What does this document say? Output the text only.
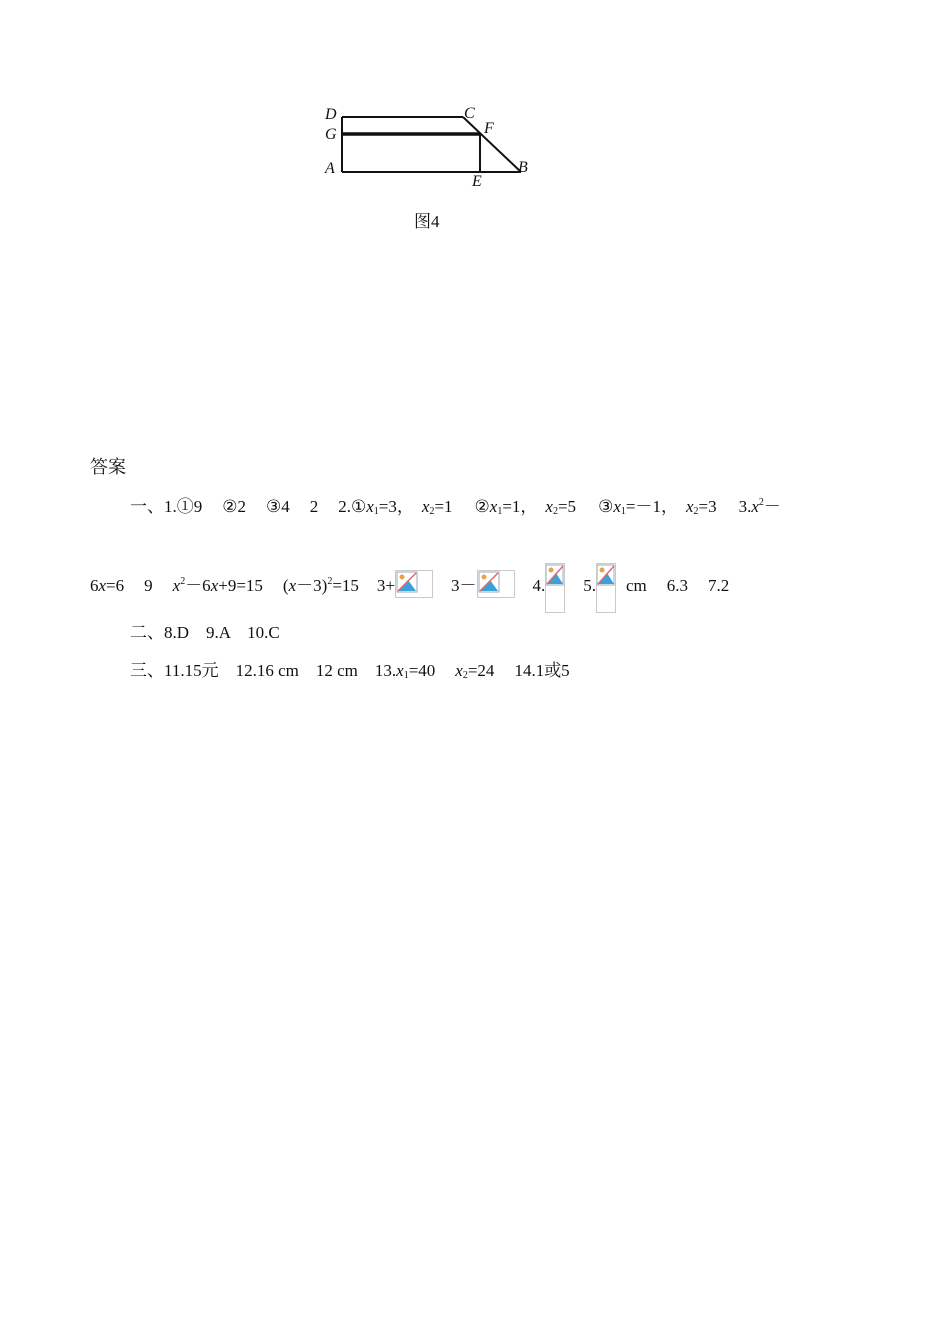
D	C
G	F
A
E
B
图4
答案
一、1.①9 ②2 ③4 2 $2.①x_1=3$， $x_2=1$ $②x_1=1$， $x_2=5$ $③x_1=-1$， $x_2=3$ $3.x^2-$
6x=6 9 $x^2-6x+9=15$ $(x-3)^2=15$ 3+	3－	4. 5. cm 6.3 7.2
二、8.D　9.A　10.C
三、11.15元　12.16 cm　12 cm　$13.x_1=40$ $x_2=24$ 14.1或5
